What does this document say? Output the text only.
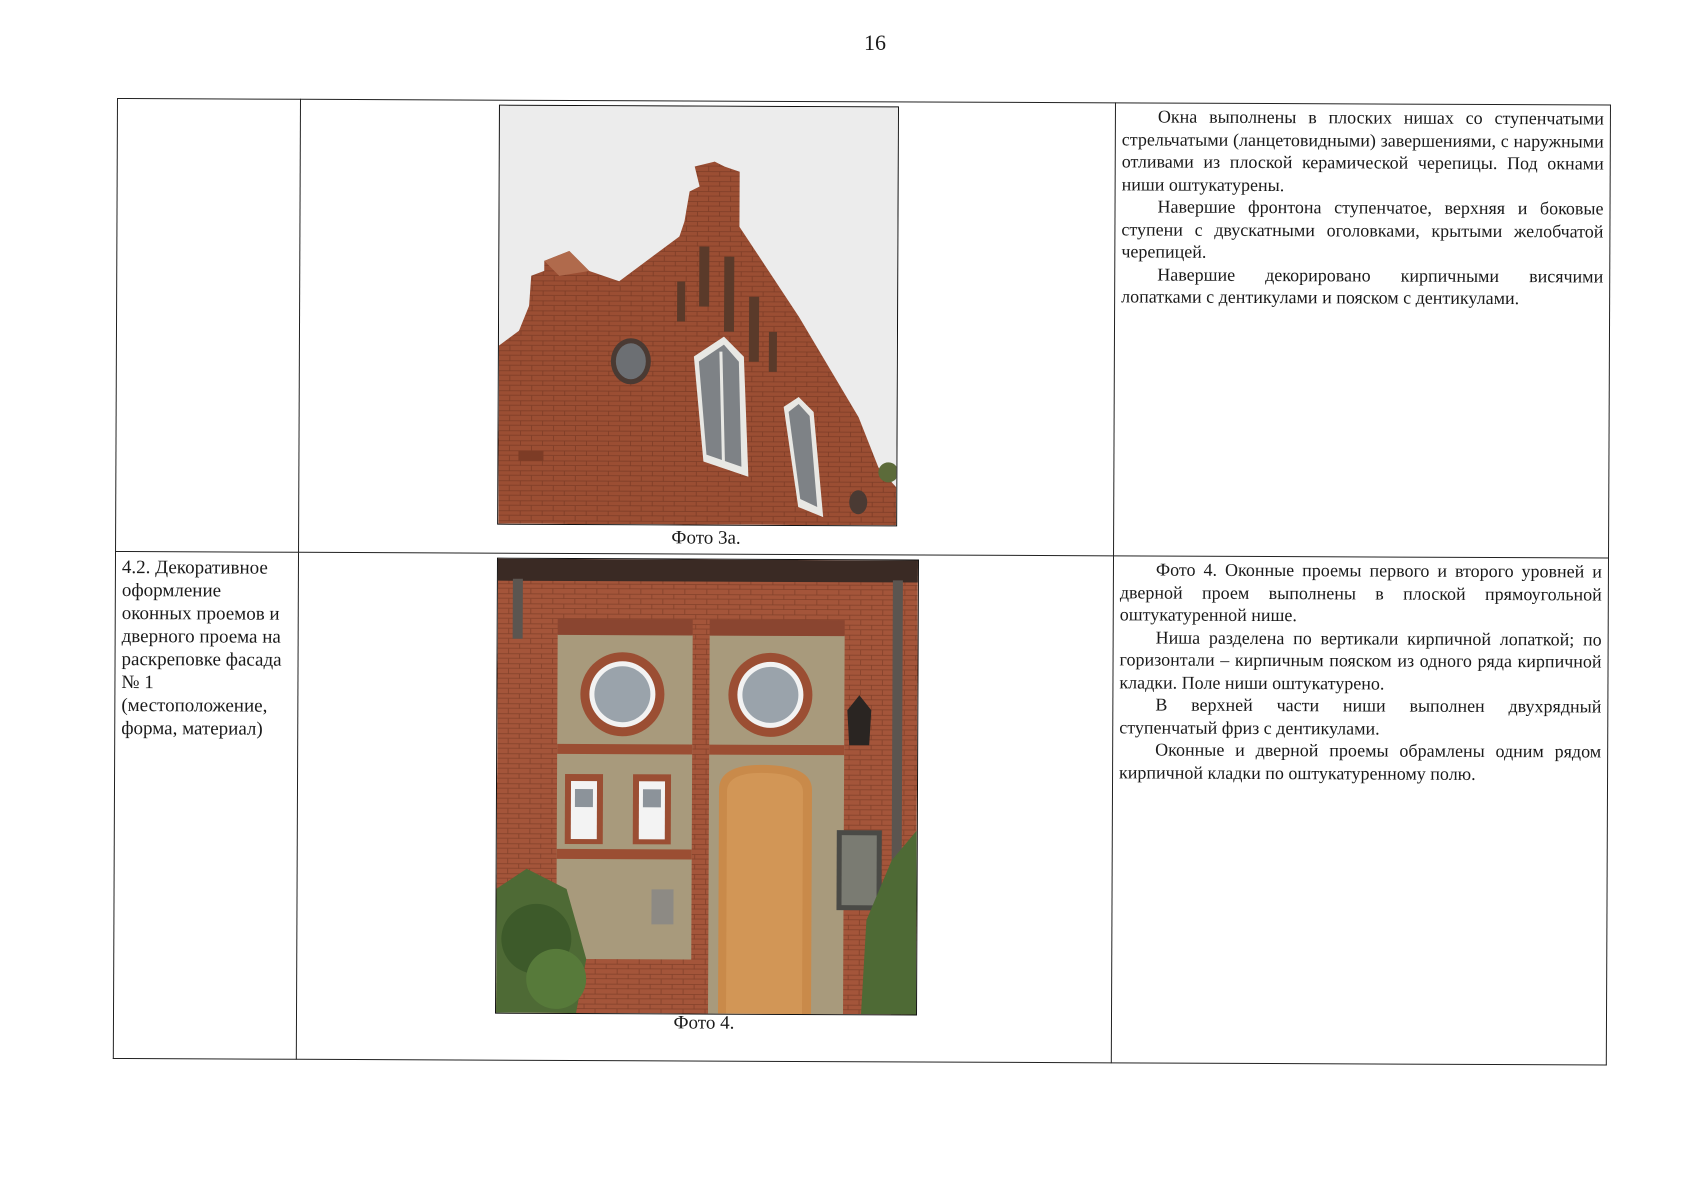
16

	Фото 3а.	Окна выполнены в плоских нишах со ступенчатыми стрельчатыми (ланцетовидными) завершениями, с наружными отливами из плоской керамической черепицы. Под окнами ниши оштукатурены.

Навершие фронтона ступенчатое, верхняя и боковые ступени с двускатными оголовками, крытыми желобчатой черепицей.

Навершие декорировано кирпичными висячими лопатками с дентикулами и пояском с дентикулами.

4.2. Декоративное оформление оконных проемов и дверного проема на раскреповке фасада № 1 (местоположение, форма, материал)	Фото 4.	Фото 4. Оконные проемы первого и второго уровней и дверной проем выполнены в плоской прямоугольной оштукатуренной нише.

Ниша разделена по вертикали кирпичной лопаткой; по горизонтали – кирпичным пояском из одного ряда кирпичной кладки. Поле ниши оштукатурено.

В верхней части ниши выполнен двухрядный ступенчатый фриз с дентикулами.

Оконные и дверной проемы обрамлены одним рядом кирпичной кладки по оштукатуренному полю.
